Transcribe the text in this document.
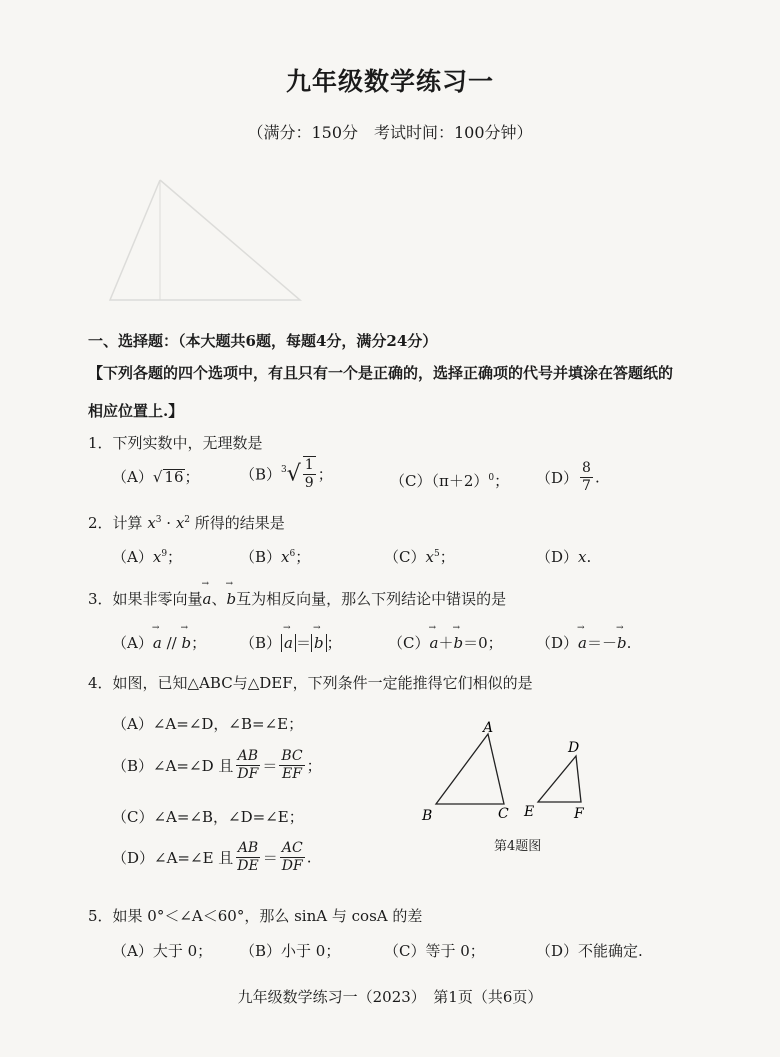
九年级数学练习一
（满分：150分　考试时间：100分钟）
一、选择题：（本大题共6题，每题4分，满分24分）
【下列各题的四个选项中，有且只有一个是正确的，选择正确项的代号并填涂在答题纸的
相应位置上.】
1．下列实数中，无理数是
（A）√ 16；	$(B)^3√ \frac{1}{9}$ ；	$(C)(\pi+2)^0$； $(D) \frac{8}{7}$ .
2．计算 $x^3 \cdot x^2$ 所得的结果是
$(A)x^9$；	$(B)x^6$；	$(C)x^5$；	（D）x.
3．如果非零向量→ a、→ b互为相反向量，那么下列结论中错误的是
（A）→ a // → b； （B） → a ＝ → b ；	（C）→ a＋→ b＝0； （D）→ a＝－→ b.
4．如图，已知△ABC与△DEF，下列条件一定能推得它们相似的是
（A）∠A=∠D，∠B=∠E；
（B）∠A=∠D 且 $\frac{AB}{DF} = \frac{BC}{EF}$ ；
（C）∠A=∠B，∠D=∠E；
（D）∠A=∠E 且 $\frac{AB}{DE} = \frac{AC}{DF}$ .
A
B	C
D
E	F
第4题图
5．如果 0°＜∠A＜60°，那么 sinA 与 cosA 的差
（A）大于 0； （B）小于 0；	（C）等于 0；	（D）不能确定.
九年级数学练习一（2023）　第1页（共6页）
